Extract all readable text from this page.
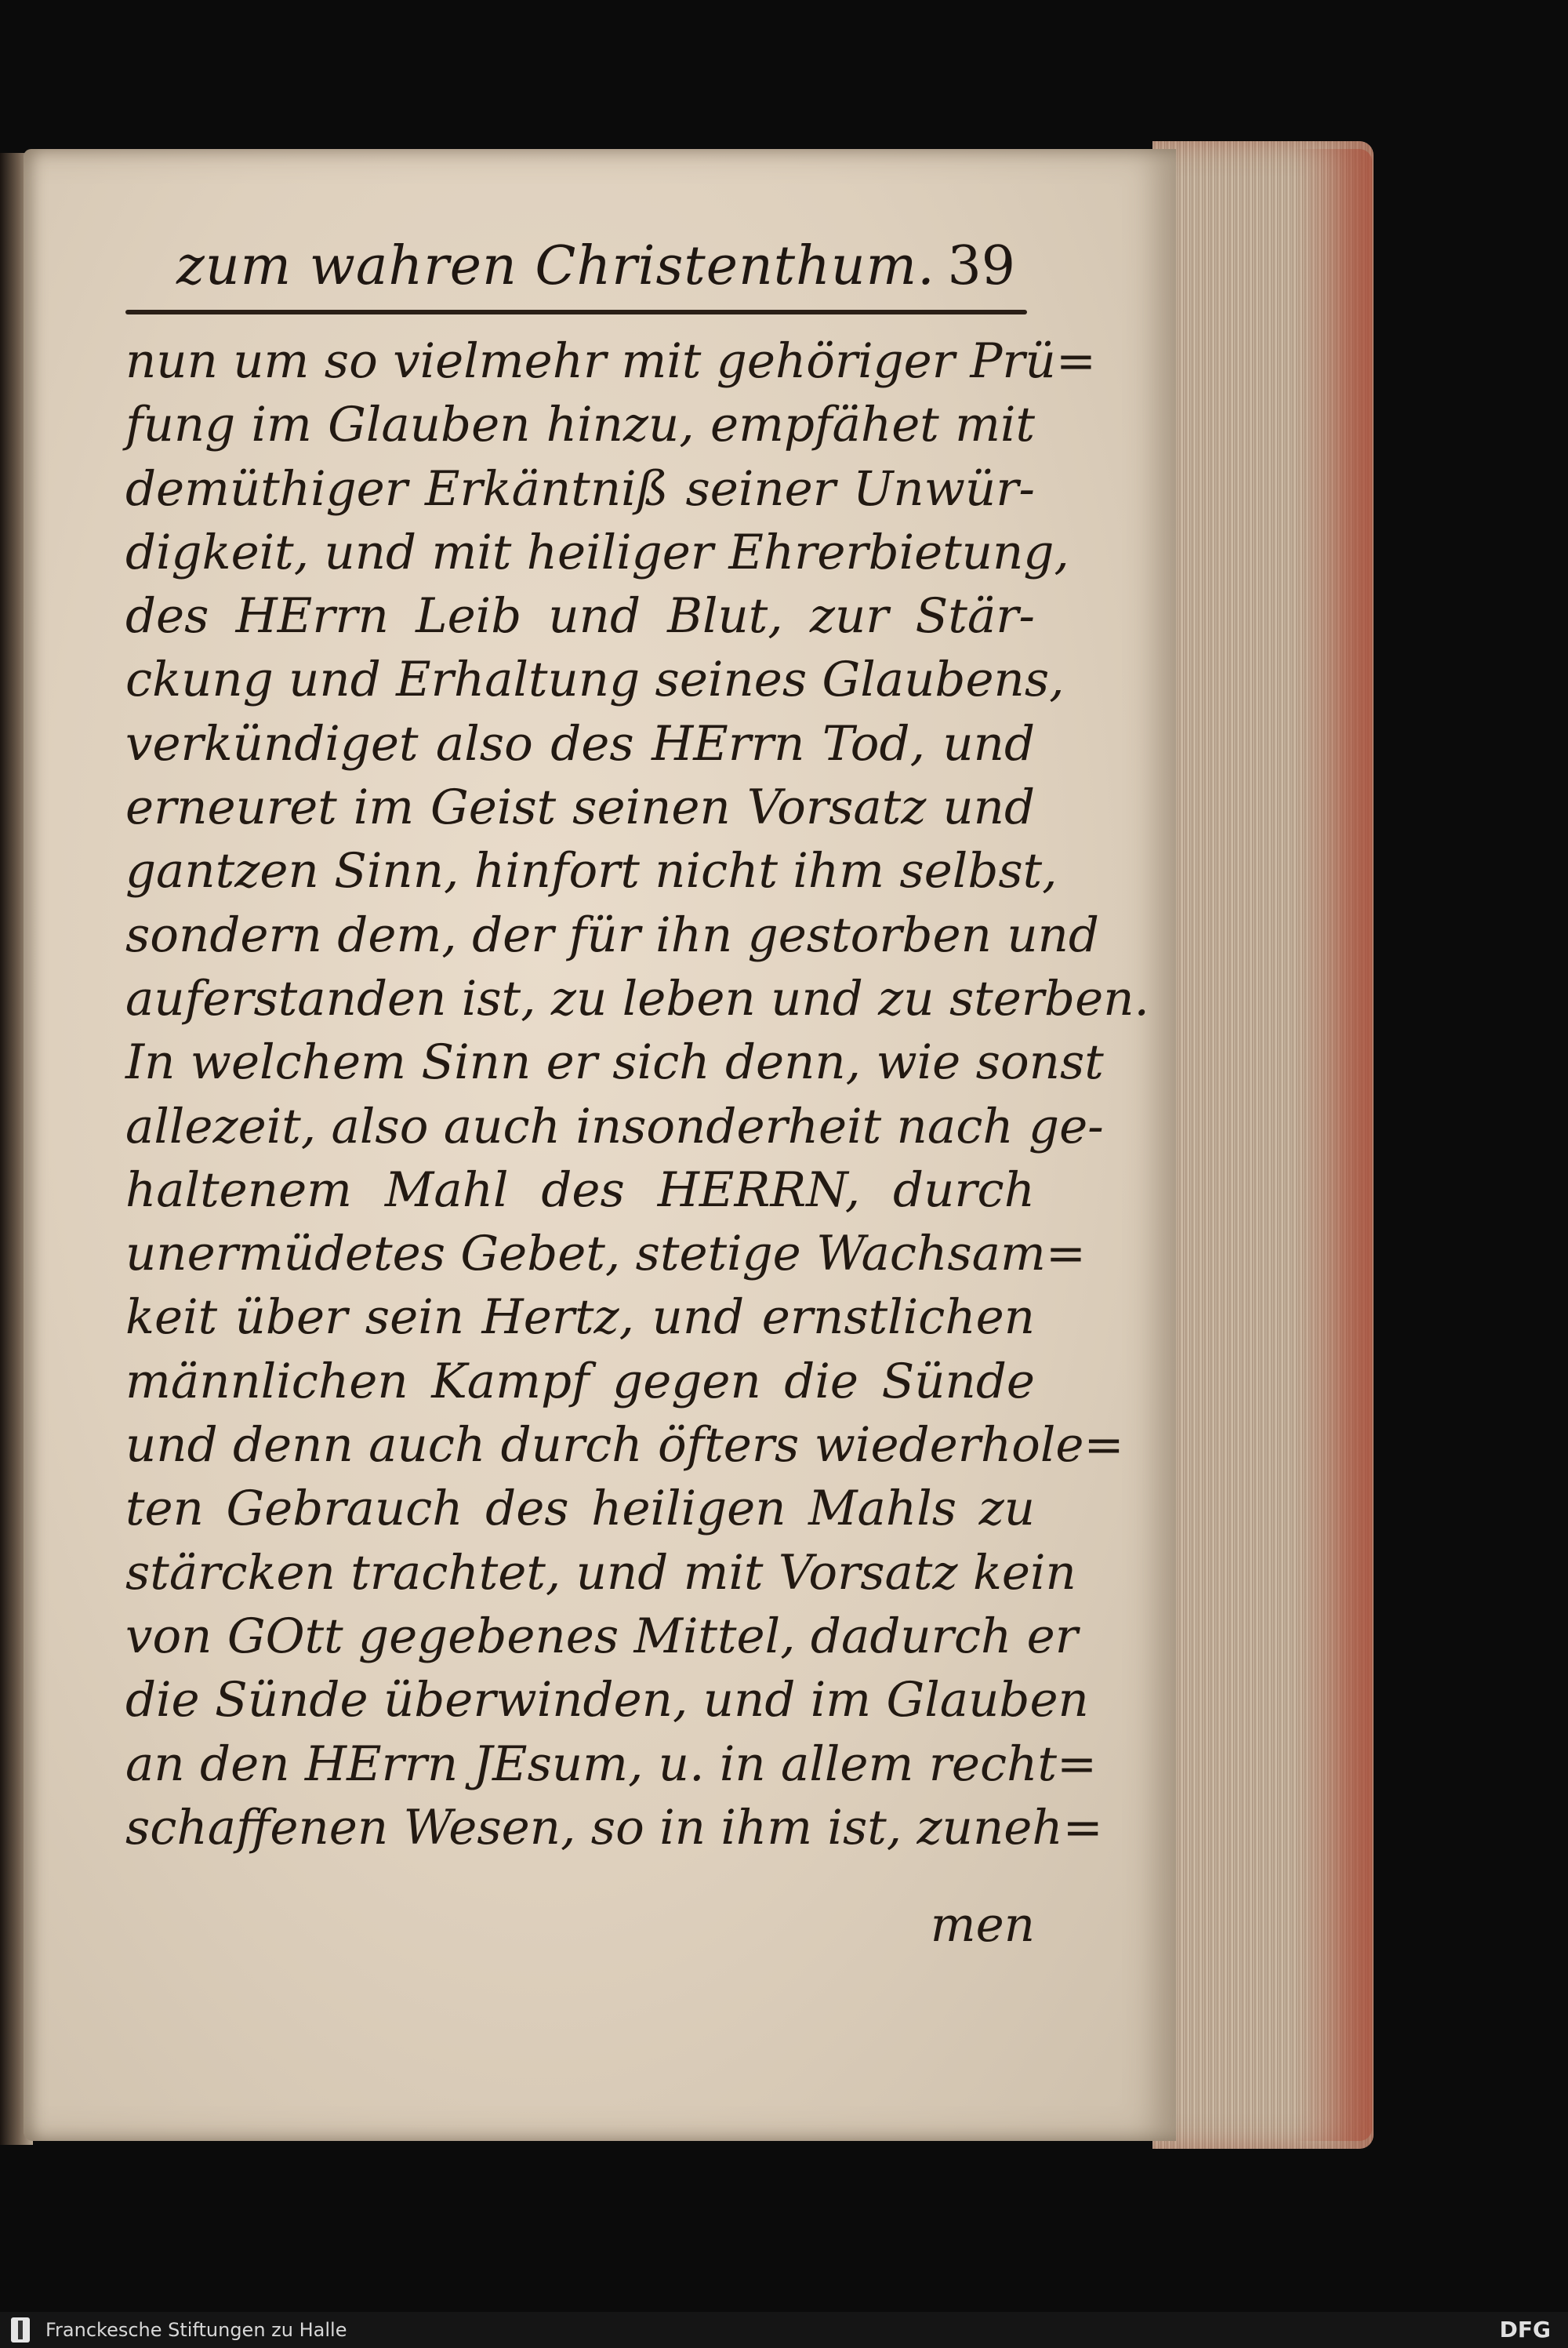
zum wahren Christenthum. 39
nun um so vielmehr mit gehöriger Prü=
fung im Glauben hinzu, empfähet mit
demüthiger Erkäntniß seiner Unwür-
digkeit, und mit heiliger Ehrerbietung,
des HErrn Leib und Blut, zur Stär-
ckung und Erhaltung seines Glaubens,
verkündiget also des HErrn Tod, und
erneuret im Geist seinen Vorsatz und
gantzen Sinn, hinfort nicht ihm selbst,
sondern dem, der für ihn gestorben und
auferstanden ist, zu leben und zu sterben.
In welchem Sinn er sich denn, wie sonst
allezeit, also auch insonderheit nach ge-
haltenem Mahl des HERRN, durch
unermüdetes Gebet, stetige Wachsam=
keit über sein Hertz, und ernstlichen
männlichen Kampf gegen die Sünde
und denn auch durch öfters wiederhole=
ten Gebrauch des heiligen Mahls zu
stärcken trachtet, und mit Vorsatz kein
von GOtt gegebenes Mittel, dadurch er
die Sünde überwinden, und im Glauben
an den HErrn JEsum, u. in allem recht=
schaffenen Wesen, so in ihm ist, zuneh=
men
Franckesche Stiftungen zu Halle	DFG
